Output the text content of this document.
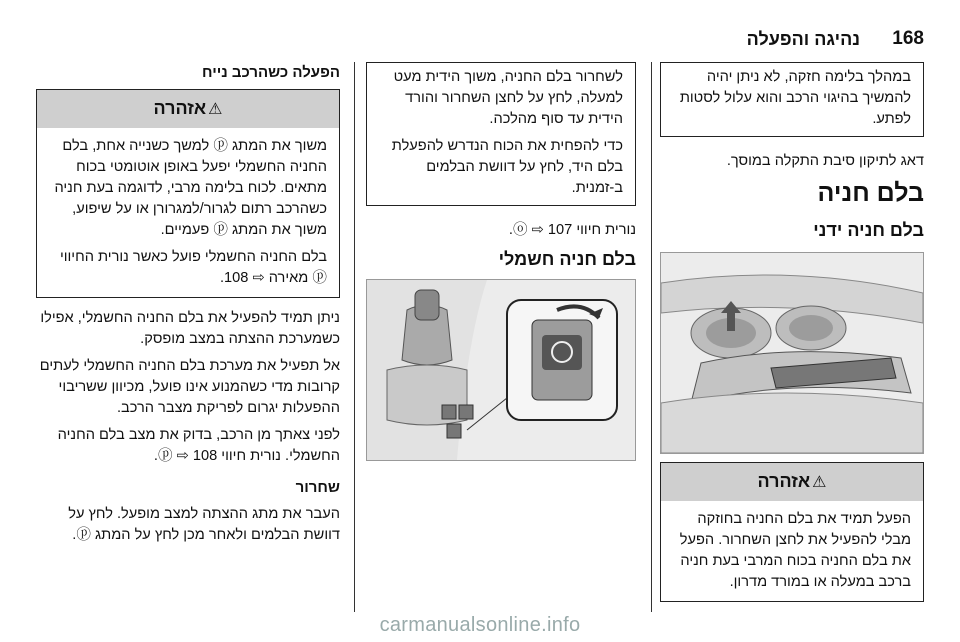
168
נהיגה והפעלה

במהלך בלימה חזקה, לא ניתן יהיה להמשיך בהיגוי הרכב והוא עלול לסטות לפתע.

דאג לתיקון סיבת התקלה במוסך.

בלם חניה
בלם חניה ידני
⚠אזהרה

הפעל תמיד את בלם החניה בחוזקה מבלי להפעיל את לחצן השחרור. הפעל את בלם החניה בכוח המרבי בעת חניה ברכב במעלה או במורד מדרון.

לשחרור בלם החניה, משוך הידית מעט למעלה, לחץ על לחצן השחרור והורד הידית עד סוף מהלכה.

כדי להפחית את הכוח הנדרש להפעלת בלם היד, לחץ על דוושת הבלמים ב-זמנית.

נורית חיווי ⓞ ⇨ 107.

בלם חניה חשמלי
הפעלה כשהרכב נייח
⚠אזהרה

משוך את המתג ⓟ למשך כשנייה אחת, בלם החניה החשמלי יפעל באופן אוטומטי בכוח מתאים. לכוח בלימה מרבי, לדוגמה בעת חניה כשהרכב רתום לגרור/למגרורן או על שיפוע, משוך את המתג ⓟ פעמיים.

בלם החניה החשמלי פועל כאשר נורית החיווי ⓟ מאירה ⇨ 108.

ניתן תמיד להפעיל את בלם החניה החשמלי, אפילו כשמערכת ההצתה במצב מופסק.

אל תפעיל את מערכת בלם החניה החשמלי לעתים קרובות מדי כשהמנוע אינו פועל, מכיוון ששריבוי ההפעלות יגרום לפריקת מצבר הרכב.

לפני צאתך מן הרכב, בדוק את מצב בלם החניה החשמלי. נורית חיווי ⓟ ⇨ 108.

שחרור

העבר את מתג ההצתה למצב מופעל. לחץ על דוושת הבלמים ולאחר מכן לחץ על המתג ⓟ.

carmanualsonline.info
